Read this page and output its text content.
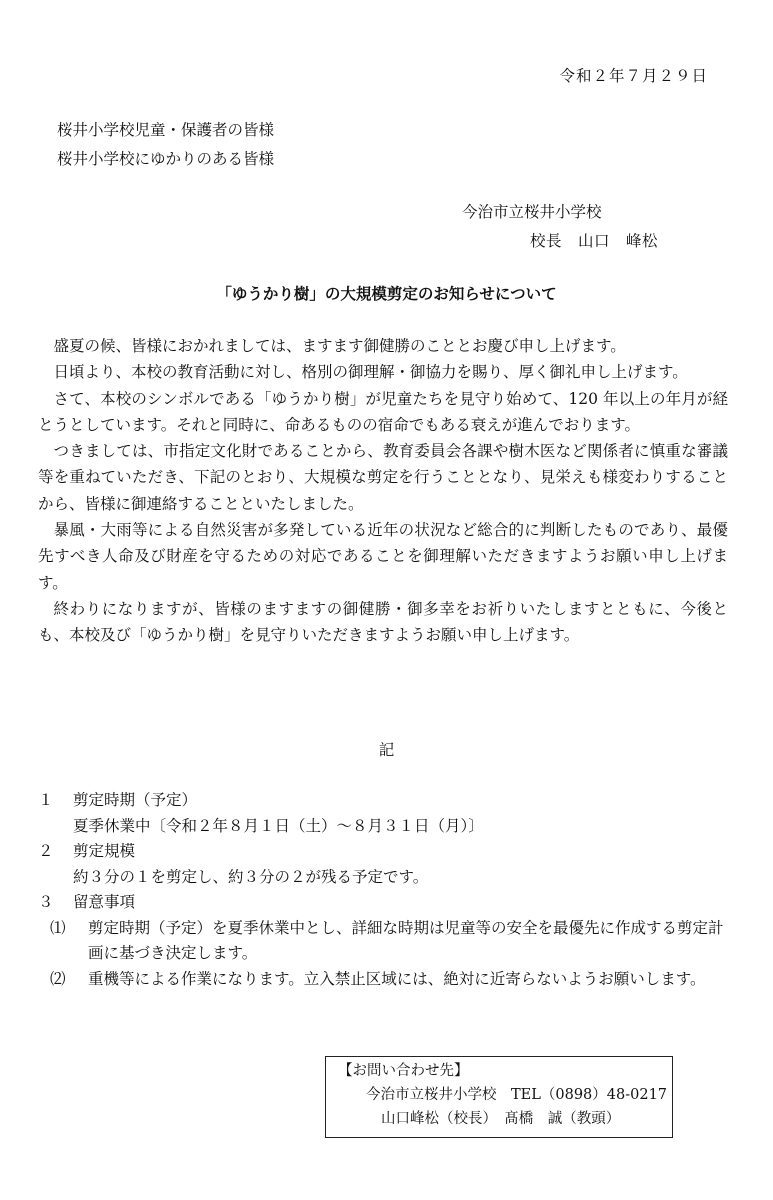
令和２年７月２９日
桜井小学校児童・保護者の皆様
桜井小学校にゆかりのある皆様
今治市立桜井小学校
校長　山口　峰松
「ゆうかり樹」の大規模剪定のお知らせについて

盛夏の候、皆様におかれましては、ますます御健勝のこととお慶び申し上げます。

日頃より、本校の教育活動に対し、格別の御理解・御協力を賜り、厚く御礼申し上げます。

さて、本校のシンボルである「ゆうかり樹」が児童たちを見守り始めて、120 年以上の年月が経とうとしています。それと同時に、命あるものの宿命でもある衰えが進んでおります。

つきましては、市指定文化財であることから、教育委員会各課や樹木医など関係者に慎重な審議等を重ねていただき、下記のとおり、大規模な剪定を行うこととなり、見栄えも様変わりすることから、皆様に御連絡することといたしました。

暴風・大雨等による自然災害が多発している近年の状況など総合的に判断したものであり、最優先すべき人命及び財産を守るための対応であることを御理解いただきますようお願い申し上げます。

終わりになりますが、皆様のますますの御健勝・御多幸をお祈りいたしますとともに、今後とも、本校及び「ゆうかり樹」を見守りいただきますようお願い申し上げます。

記
１	剪定時期（予定）
夏季休業中〔令和２年８月１日（土）～８月３１日（月）〕
２	剪定規模
約３分の１を剪定し、約３分の２が残る予定です。
３	留意事項
⑴	剪定時期（予定）を夏季休業中とし、詳細な時期は児童等の安全を最優先に作成する剪定計画に基づき決定します。
⑵	重機等による作業になります。立入禁止区域には、絶対に近寄らないようお願いします。
【お問い合わせ先】
今治市立桜井小学校　TEL（0898）48-0217
山口峰松（校長）　髙橋　誠（教頭）
